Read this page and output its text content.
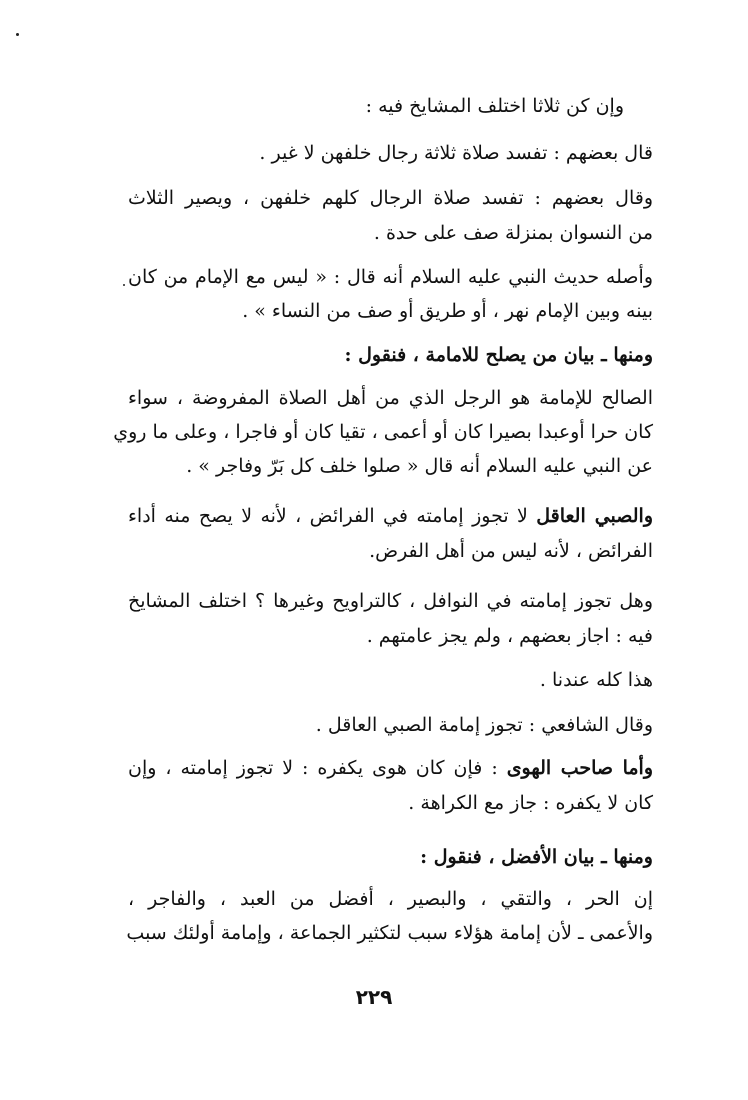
وإن كن ثلاثا اختلف المشايخ فيه :
قال بعضهم : تفسد صلاة ثلاثة رجال خلفهن لا غير .
وقال بعضهم : تفسد صلاة الرجال كلهم خلفهن ، ويصير الثلاث
من النسوان بمنزلة صف على حدة .
وأصله حديث النبي عليه السلام أنه قال : « ليس مع الإمام من كان
بينه وبين الإمام نهر ، أو طريق أو صف من النساء » .
ومنها ـ بيان من يصلح للامامة ، فنقول :
الصالح للإمامة هو الرجل الذي من أهل الصلاة المفروضة ، سواء
كان حرا أوعبدا بصيرا كان أو أعمى ، تقيا كان أو فاجرا ، وعلى ما روي
عن النبي عليه السلام أنه قال « صلوا خلف كل بَرّ وفاجر » .
والصبي العاقل لا تجوز إمامته في الفرائض ، لأنه لا يصح منه أداء
الفرائض ، لأنه ليس من أهل الفرض.
وهل تجوز إمامته في النوافل ، كالتراويح وغيرها ؟ اختلف المشايخ
فيه : اجاز بعضهم ، ولم يجز عامتهم .
هذا كله عندنا .
وقال الشافعي : تجوز إمامة الصبي العاقل .
وأما صاحب الهوى : فإن كان هوى يكفره : لا تجوز إمامته ، وإن
كان لا يكفره : جاز مع الكراهة .
ومنها ـ بيان الأفضل ، فنقول :
إن الحر ، والتقي ، والبصير ، أفضل من العبد ، والفاجر ،
والأعمى ـ لأن إمامة هؤلاء سبب لتكثير الجماعة ، وإمامة أولئك سبب
٢٢٩
